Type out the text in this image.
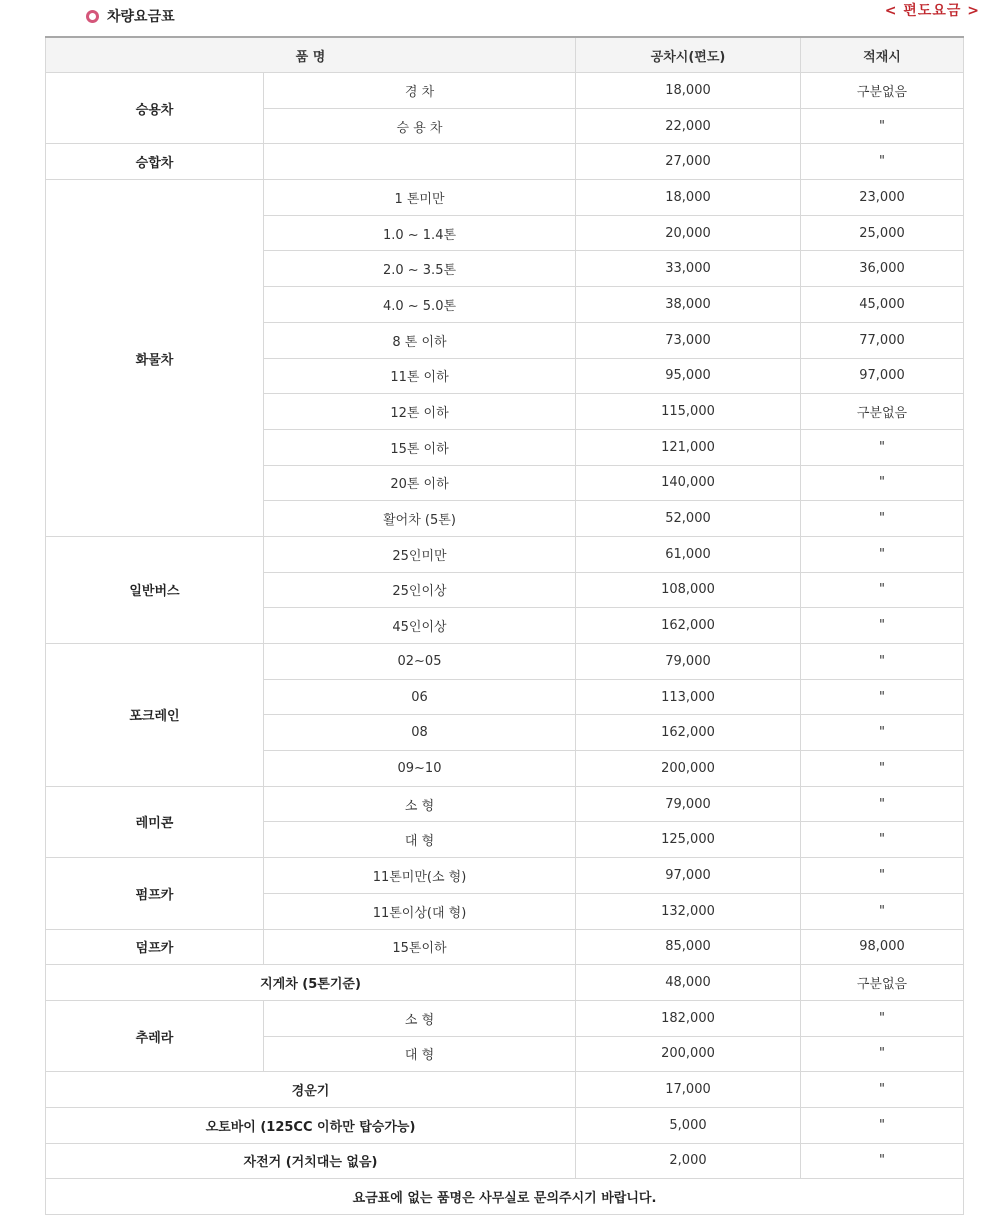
차량요금표	< 편도요금 >
품 명		공차시(편도)	적재시
승용차	경 차	18,000	구분없음
	승 용 차	22,000	"
승합차		27,000	"
화물차	1 톤미만	18,000	23,000
	1.0 ~ 1.4톤	20,000	25,000
	2.0 ~ 3.5톤	33,000	36,000
	4.0 ~ 5.0톤	38,000	45,000
	8 톤 이하	73,000	77,000
	11톤 이하	95,000	97,000
	12톤 이하	115,000	구분없음
	15톤 이하	121,000	"
	20톤 이하	140,000	"
	활어차 (5톤)	52,000	"
일반버스	25인미만	61,000	"
	25인이상	108,000	"
	45인이상	162,000	"
포크레인	02~05	79,000	"
	06	113,000	"
	08	162,000	"
	09~10	200,000	"
레미콘	소 형	79,000	"
	대 형	125,000	"
펌프카	11톤미만(소 형)	97,000	"
	11톤이상(대 형)	132,000	"
덤프카	15톤이하	85,000	98,000
지게차 (5톤기준)		48,000	구분없음
추레라	소 형	182,000	"
	대 형	200,000	"
경운기		17,000	"
오토바이 (125CC 이하만 탑승가능)		5,000	"
자전거 (거치대는 없음)		2,000	"
요금표에 없는 품명은 사무실로 문의주시기 바랍니다.			
